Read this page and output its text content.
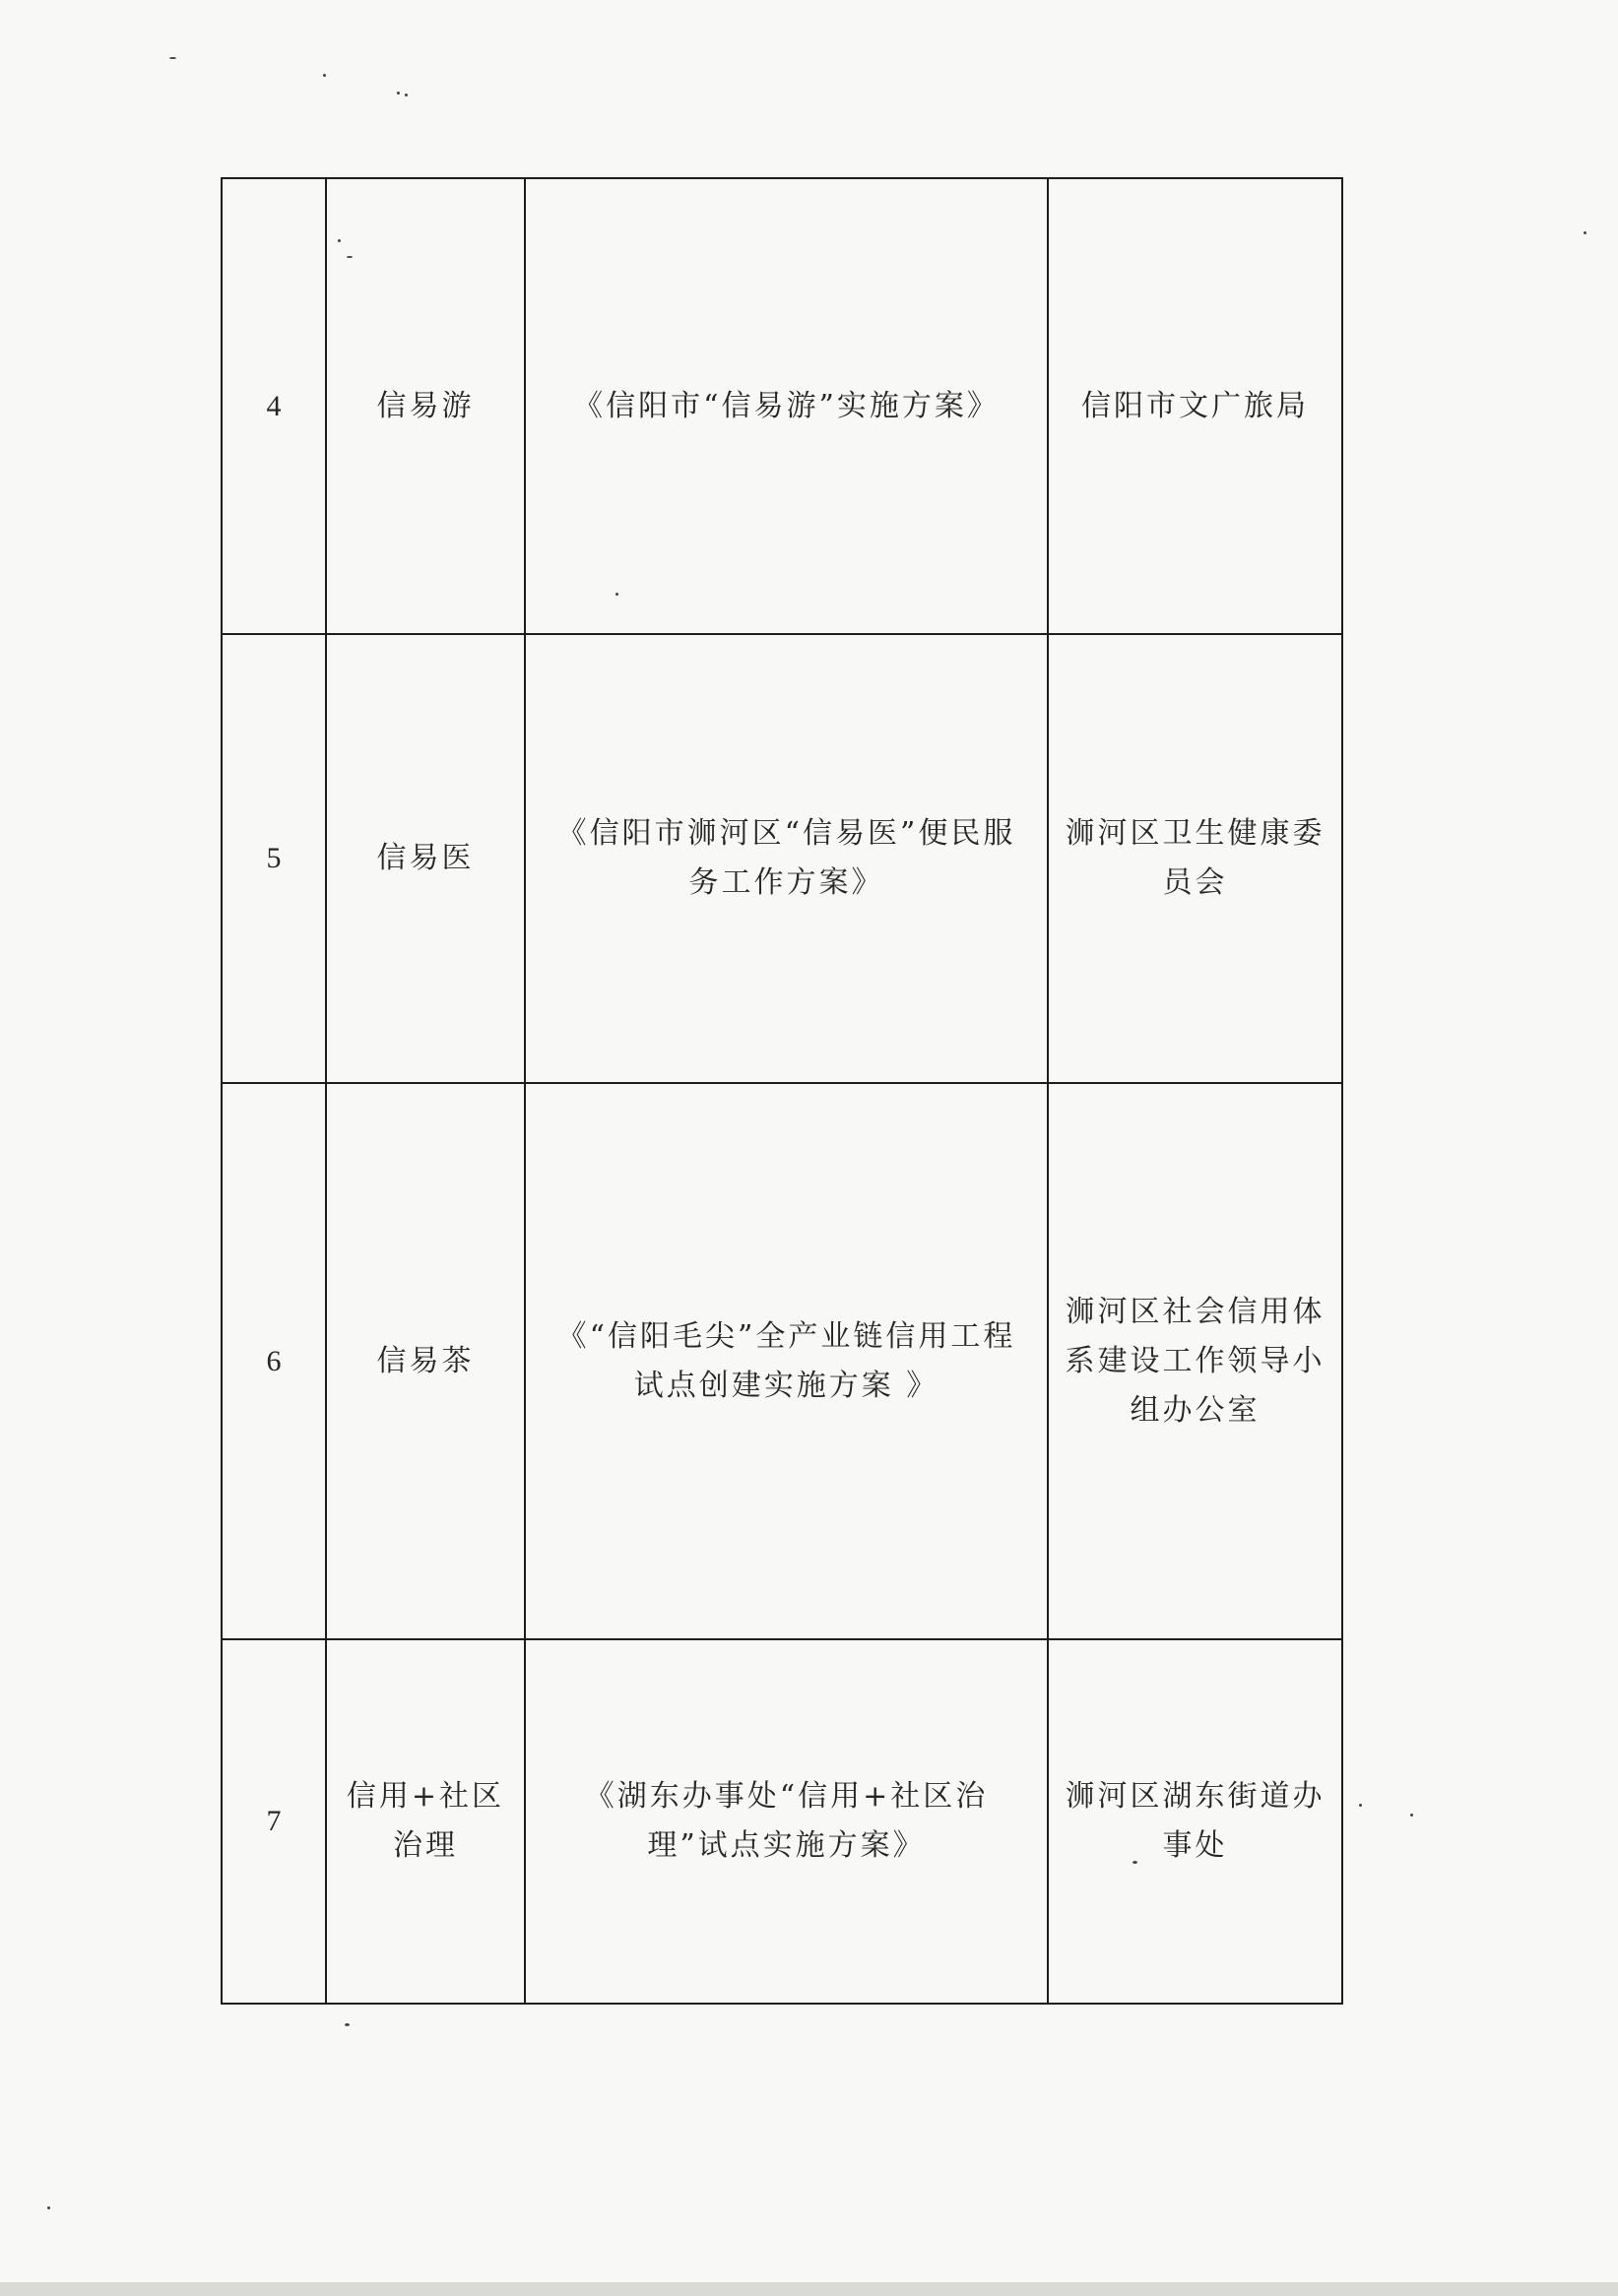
4	信易游	《信阳市“信易游”实施方案》	信阳市文广旅局
5	信易医	《信阳市浉河区“信易医”便民服务工作方案》	浉河区卫生健康委员会
6	信易茶	《“信阳毛尖”全产业链信用工程试点创建实施方案 》	浉河区社会信用体系建设工作领导小组办公室
7	信用+社区治理	《湖东办事处“信用+社区治理”试点实施方案》	浉河区湖东街道办事处
